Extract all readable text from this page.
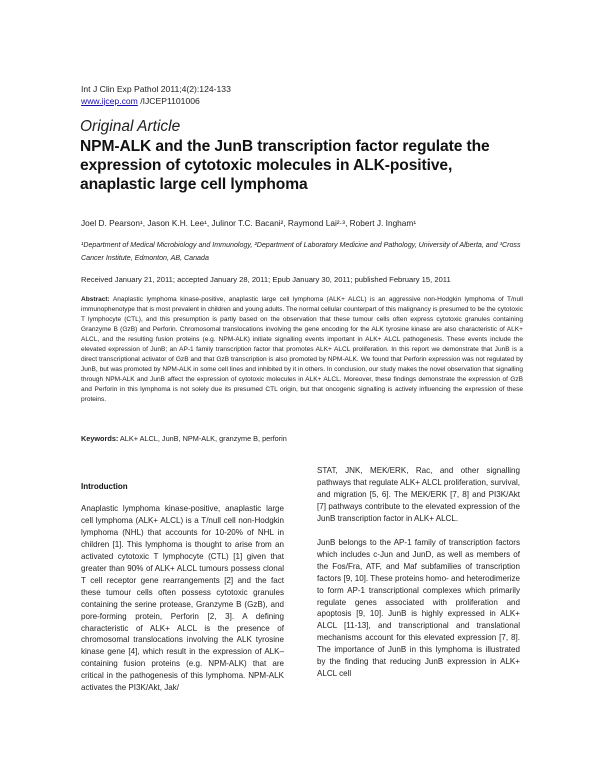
Int J Clin Exp Pathol 2011;4(2):124-133
www.ijcep.com /IJCEP1101006
Original Article
NPM-ALK and the JunB transcription factor regulate the expression of cytotoxic molecules in ALK-positive, anaplastic large cell lymphoma
Joel D. Pearson¹, Jason K.H. Lee¹, Julinor T.C. Bacani², Raymond Lai²·³, Robert J. Ingham¹
¹Department of Medical Microbiology and Immunology, ²Department of Laboratory Medicine and Pathology, University of Alberta, and ³Cross Cancer Institute, Edmonton, AB, Canada
Received January 21, 2011; accepted January 28, 2011; Epub January 30, 2011; published February 15, 2011

Abstract: Anaplastic lymphoma kinase-positive, anaplastic large cell lymphoma (ALK+ ALCL) is an aggressive non-Hodgkin lymphoma of T/null immunophenotype that is most prevalent in children and young adults. The normal cellular counterpart of this malignancy is presumed to be the cytotoxic T lymphocyte (CTL), and this presumption is partly based on the observation that these tumour cells often express cytotoxic granules containing Granzyme B (GzB) and Perforin. Chromosomal translocations involving the gene encoding for the ALK tyrosine kinase are also characteristic of ALK+ ALCL, and the resulting fusion proteins (e.g. NPM-ALK) initiate signalling events important in ALK+ ALCL pathogenesis. These events include the elevated expression of JunB; an AP-1 family transcription factor that promotes ALK+ ALCL proliferation. In this report we demonstrate that JunB is a direct transcriptional activator of GzB and that GzB transcription is also promoted by NPM-ALK. We found that Perforin expression was not regulated by JunB, but was promoted by NPM-ALK in some cell lines and inhibited by it in others. In conclusion, our study makes the novel observation that signalling through NPM-ALK and JunB affect the expression of cytotoxic molecules in ALK+ ALCL. Moreover, these findings demonstrate the expression of GzB and Perforin in this lymphoma is not solely due its presumed CTL origin, but that oncogenic signalling is actively influencing the expression of these proteins.

Keywords: ALK+ ALCL, JunB, NPM-ALK, granzyme B, perforin
Introduction

Anaplastic lymphoma kinase-positive, anaplastic large cell lymphoma (ALK+ ALCL) is a T/null cell non-Hodgkin lymphoma (NHL) that accounts for 10-20% of NHL in children [1]. This lymphoma is thought to arise from an activated cytotoxic T lymphocyte (CTL) [1] given that greater than 90% of ALK+ ALCL tumours possess clonal T cell receptor gene rearrangements [2] and the fact these tumour cells often possess cytotoxic granules containing the serine protease, Granzyme B (GzB), and pore-forming protein, Perforin [2, 3]. A defining characteristic of ALK+ ALCL is the presence of chromosomal translocations involving the ALK tyrosine kinase gene [4], which result in the expression of ALK–containing fusion proteins (e.g. NPM-ALK) that are critical in the pathogenesis of this lymphoma. NPM-ALK activates the PI3K/Akt, Jak/

STAT, JNK, MEK/ERK, Rac, and other signalling pathways that regulate ALK+ ALCL proliferation, survival, and migration [5, 6]. The MEK/ERK [7, 8] and PI3K/Akt [7] pathways contribute to the elevated expression of the JunB transcription factor in ALK+ ALCL.

JunB belongs to the AP-1 family of transcription factors which includes c-Jun and JunD, as well as members of the Fos/Fra, ATF, and Maf subfamilies of transcription factors [9, 10]. These proteins homo- and heterodimerize to form AP-1 transcriptional complexes which primarily regulate genes associated with proliferation and apoptosis [9, 10]. JunB is highly expressed in ALK+ ALCL [11-13], and transcriptional and translational mechanisms account for this elevated expression [7, 8]. The importance of JunB in this lymphoma is illustrated by the finding that reducing JunB expression in ALK+ ALCL cell
